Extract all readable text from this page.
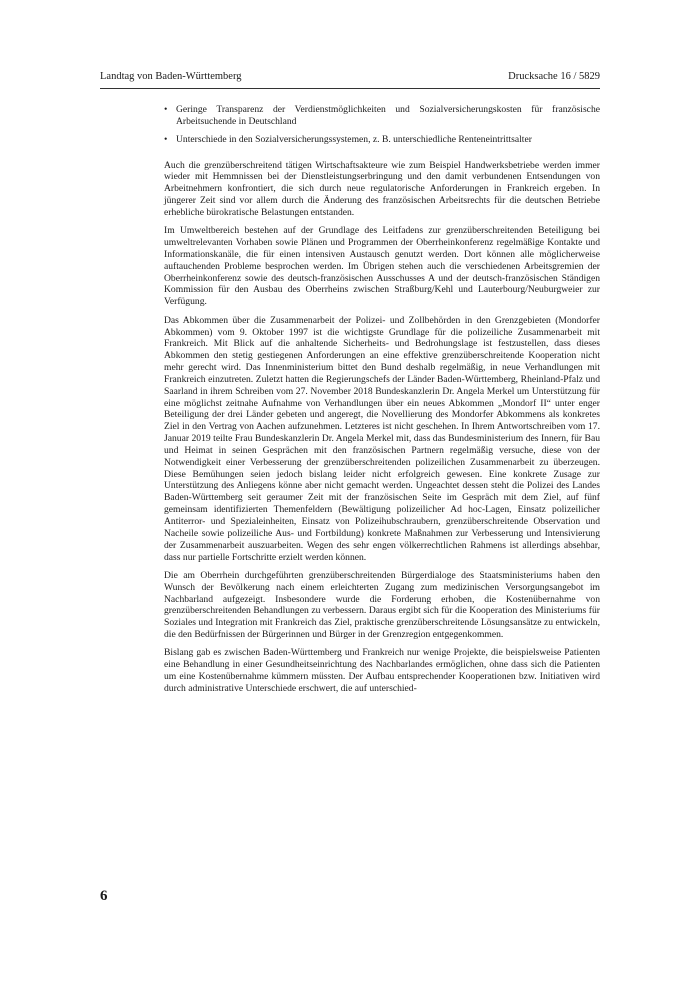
Landtag von Baden-Württemberg	Drucksache 16 / 5829
• Geringe Transparenz der Verdienstmöglichkeiten und Sozialversicherungskosten für französische Arbeitsuchende in Deutschland
• Unterschiede in den Sozialversicherungssystemen, z. B. unterschiedliche Renteneintrittsalter

Auch die grenzüberschreitend tätigen Wirtschaftsakteure wie zum Beispiel Handwerksbetriebe werden immer wieder mit Hemmnissen bei der Dienstleistungserbringung und den damit verbundenen Entsendungen von Arbeitnehmern konfrontiert, die sich durch neue regulatorische Anforderungen in Frankreich ergeben. In jüngerer Zeit sind vor allem durch die Änderung des französischen Arbeitsrechts für die deutschen Betriebe erhebliche bürokratische Belastungen entstanden.

Im Umweltbereich bestehen auf der Grundlage des Leitfadens zur grenzüberschreitenden Beteiligung bei umweltrelevanten Vorhaben sowie Plänen und Programmen der Oberrheinkonferenz regelmäßige Kontakte und Informationskanäle, die für einen intensiven Austausch genutzt werden. Dort können alle möglicherweise auftauchenden Probleme besprochen werden. Im Übrigen stehen auch die verschiedenen Arbeitsgremien der Oberrheinkonferenz sowie des deutsch-französischen Ausschusses A und der deutsch-französischen Ständigen Kommission für den Ausbau des Oberrheins zwischen Straßburg/Kehl und Lauterbourg/Neuburgweier zur Verfügung.

Das Abkommen über die Zusammenarbeit der Polizei- und Zollbehörden in den Grenzgebieten (Mondorfer Abkommen) vom 9. Oktober 1997 ist die wichtigste Grundlage für die polizeiliche Zusammenarbeit mit Frankreich. Mit Blick auf die anhaltende Sicherheits- und Bedrohungslage ist festzustellen, dass dieses Abkommen den stetig gestiegenen Anforderungen an eine effektive grenzüberschreitende Kooperation nicht mehr gerecht wird. Das Innenministerium bittet den Bund deshalb regelmäßig, in neue Verhandlungen mit Frankreich einzutreten. Zuletzt hatten die Regierungschefs der Länder Baden-Württemberg, Rheinland-Pfalz und Saarland in ihrem Schreiben vom 27. November 2018 Bundeskanzlerin Dr. Angela Merkel um Unterstützung für eine möglichst zeitnahe Aufnahme von Verhandlungen über ein neues Abkommen „Mondorf II“ unter enger Beteiligung der drei Länder gebeten und angeregt, die Novellierung des Mondorfer Abkommens als konkretes Ziel in den Vertrag von Aachen aufzunehmen. Letzteres ist nicht geschehen. In Ihrem Antwortschreiben vom 17. Januar 2019 teilte Frau Bundeskanzlerin Dr. Angela Merkel mit, dass das Bundesministerium des Innern, für Bau und Heimat in seinen Gesprächen mit den französischen Partnern regelmäßig versuche, diese von der Notwendigkeit einer Verbesserung der grenzüberschreitenden polizeilichen Zusammenarbeit zu überzeugen. Diese Bemühungen seien jedoch bislang leider nicht erfolgreich gewesen. Eine konkrete Zusage zur Unterstützung des Anliegens könne aber nicht gemacht werden. Ungeachtet dessen steht die Polizei des Landes Baden-Württemberg seit geraumer Zeit mit der französischen Seite im Gespräch mit dem Ziel, auf fünf gemeinsam identifizierten Themenfeldern (Bewältigung polizeilicher Ad hoc-Lagen, Einsatz polizeilicher Antiterror- und Spezialeinheiten, Einsatz von Polizeihubschraubern, grenzüberschreitende Observation und Nacheile sowie polizeiliche Aus- und Fortbildung) konkrete Maßnahmen zur Verbesserung und Intensivierung der Zusammenarbeit auszuarbeiten. Wegen des sehr engen völkerrechtlichen Rahmens ist allerdings absehbar, dass nur partielle Fortschritte erzielt werden können.

Die am Oberrhein durchgeführten grenzüberschreitenden Bürgerdialoge des Staatsministeriums haben den Wunsch der Bevölkerung nach einem erleichterten Zugang zum medizinischen Versorgungsangebot im Nachbarland aufgezeigt. Insbesondere wurde die Forderung erhoben, die Kostenübernahme von grenzüberschreitenden Behandlungen zu verbessern. Daraus ergibt sich für die Kooperation des Ministeriums für Soziales und Integration mit Frankreich das Ziel, praktische grenzüberschreitende Lösungsansätze zu entwickeln, die den Bedürfnissen der Bürgerinnen und Bürger in der Grenzregion entgegenkommen.

Bislang gab es zwischen Baden-Württemberg und Frankreich nur wenige Projekte, die beispielsweise Patienten eine Behandlung in einer Gesundheitseinrichtung des Nachbarlandes ermöglichen, ohne dass sich die Patienten um eine Kostenübernahme kümmern müssten. Der Aufbau entsprechender Kooperationen bzw. Initiativen wird durch administrative Unterschiede erschwert, die auf unterschied-

6
